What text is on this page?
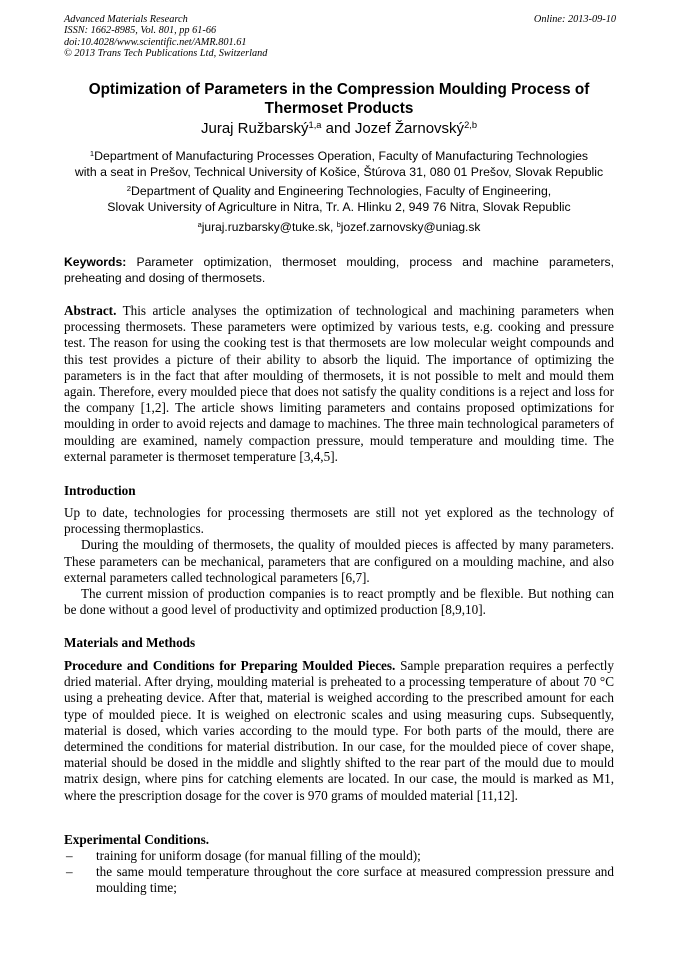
Advanced Materials Research
ISSN: 1662-8985, Vol. 801, pp 61-66
doi:10.4028/www.scientific.net/AMR.801.61
© 2013 Trans Tech Publications Ltd, Switzerland
Online: 2013-09-10
Optimization of Parameters in the Compression Moulding Process of
Thermoset Products
Juraj Ružbarský$^{1,a}$ and Jozef Žarnovský$^{2,b}$
$^1$Department of Manufacturing Processes Operation, Faculty of Manufacturing Technologies
with a seat in Prešov, Technical University of Košice, Štúrova 31, 080 01 Prešov, Slovak Republic
$^2$Department of Quality and Engineering Technologies, Faculty of Engineering,
Slovak University of Agriculture in Nitra, Tr. A. Hlinku 2, 949 76 Nitra, Slovak Republic
$^a$juraj.ruzbarsky@tuke.sk, $^b$jozef.zarnovsky@uniag.sk
Keywords: Parameter optimization, thermoset moulding, process and machine parameters, preheating and dosing of thermosets.
Abstract. This article analyses the optimization of technological and machining parameters when processing thermosets. These parameters were optimized by various tests, e.g. cooking and pressure test. The reason for using the cooking test is that thermosets are low molecular weight compounds and this test provides a picture of their ability to absorb the liquid. The importance of optimizing the parameters is in the fact that after moulding of thermosets, it is not possible to melt and mould them again. Therefore, every moulded piece that does not satisfy the quality conditions is a reject and loss for the company [1,2]. The article shows limiting parameters and contains proposed optimizations for moulding in order to avoid rejects and damage to machines. The three main technological parameters of moulding are examined, namely compaction pressure, mould temperature and moulding time. The external parameter is thermoset temperature [3,4,5].
Introduction

Up to date, technologies for processing thermosets are still not yet explored as the technology of processing thermoplastics.

During the moulding of thermosets, the quality of moulded pieces is affected by many parameters. These parameters can be mechanical, parameters that are configured on a moulding machine, and also external parameters called technological parameters [6,7].

The current mission of production companies is to react promptly and be flexible. But nothing can be done without a good level of productivity and optimized production [8,9,10].

Materials and Methods
Procedure and Conditions for Preparing Moulded Pieces. Sample preparation requires a perfectly dried material. After drying, moulding material is preheated to a processing temperature of about 70 °C using a preheating device. After that, material is weighed according to the prescribed amount for each type of moulded piece. It is weighed on electronic scales and using measuring cups. Subsequently, material is dosed, which varies according to the mould type. For both parts of the mould, there are determined the conditions for material distribution. In our case, for the moulded piece of cover shape, material should be dosed in the middle and slightly shifted to the rear part of the mould due to mould matrix design, where pins for catching elements are located. In our case, the mould is marked as M1, where the prescription dosage for the cover is 970 grams of moulded material [11,12].
Experimental Conditions.
– training for uniform dosage (for manual filling of the mould);
– the same mould temperature throughout the core surface at measured compression pressure and moulding time;
